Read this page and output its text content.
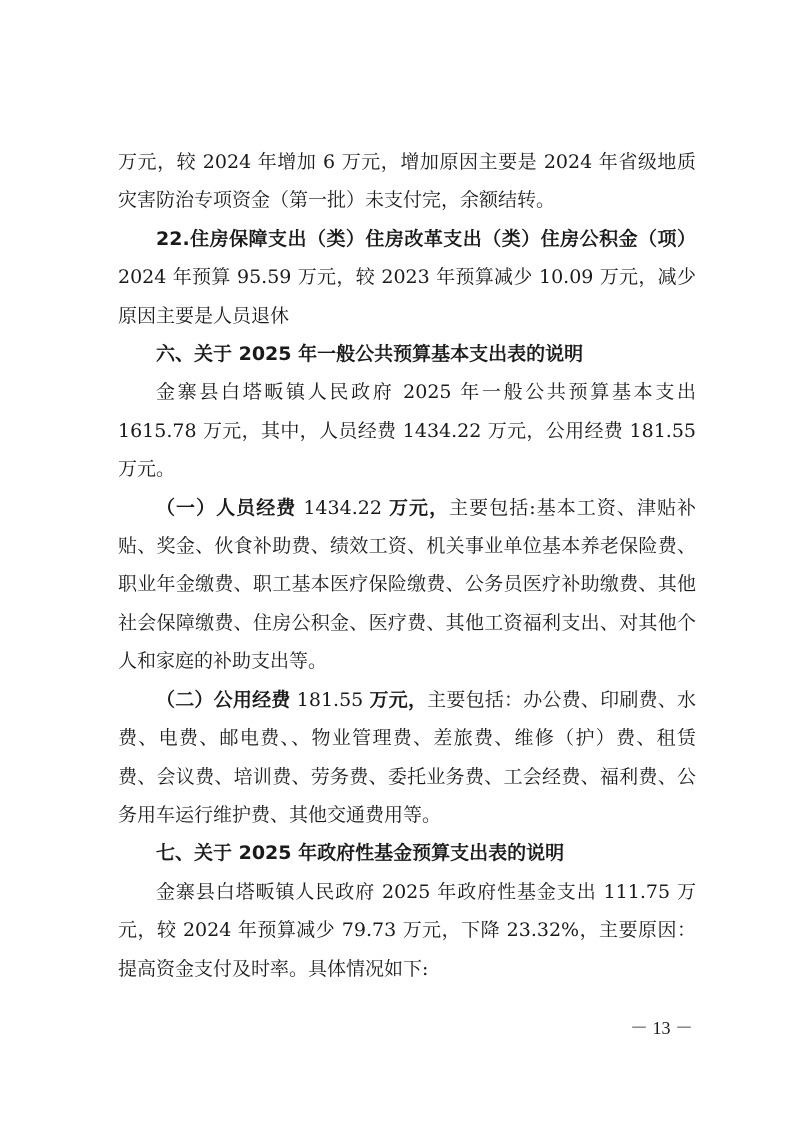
万元，较 2024 年增加 6 万元，增加原因主要是 2024 年省级地质灾害防治专项资金（第一批）未支付完，余额结转。

22.住房保障支出（类）住房改革支出（类）住房公积金（项）2024 年预算 95.59 万元，较 2023 年预算减少 10.09 万元，减少原因主要是人员退休

六、关于 2025 年一般公共预算基本支出表的说明

金寨县白塔畈镇人民政府 2025 年一般公共预算基本支出 1615.78 万元，其中，人员经费 1434.22 万元，公用经费 181.55 万元。

（一）人员经费 1434.22 万元，主要包括:基本工资、津贴补贴、奖金、伙食补助费、绩效工资、机关事业单位基本养老保险费、职业年金缴费、职工基本医疗保险缴费、公务员医疗补助缴费、其他社会保障缴费、住房公积金、医疗费、其他工资福利支出、对其他个人和家庭的补助支出等。

（二）公用经费 181.55 万元，主要包括：办公费、印刷费、水费、电费、邮电费、、物业管理费、差旅费、维修（护）费、租赁费、会议费、培训费、劳务费、委托业务费、工会经费、福利费、公务用车运行维护费、其他交通费用等。

七、关于 2025 年政府性基金预算支出表的说明

金寨县白塔畈镇人民政府 2025 年政府性基金支出 111.75 万元，较 2024 年预算减少 79.73 万元，下降 23.32%，主要原因：提高资金支付及时率。具体情况如下:

－ 13 －
